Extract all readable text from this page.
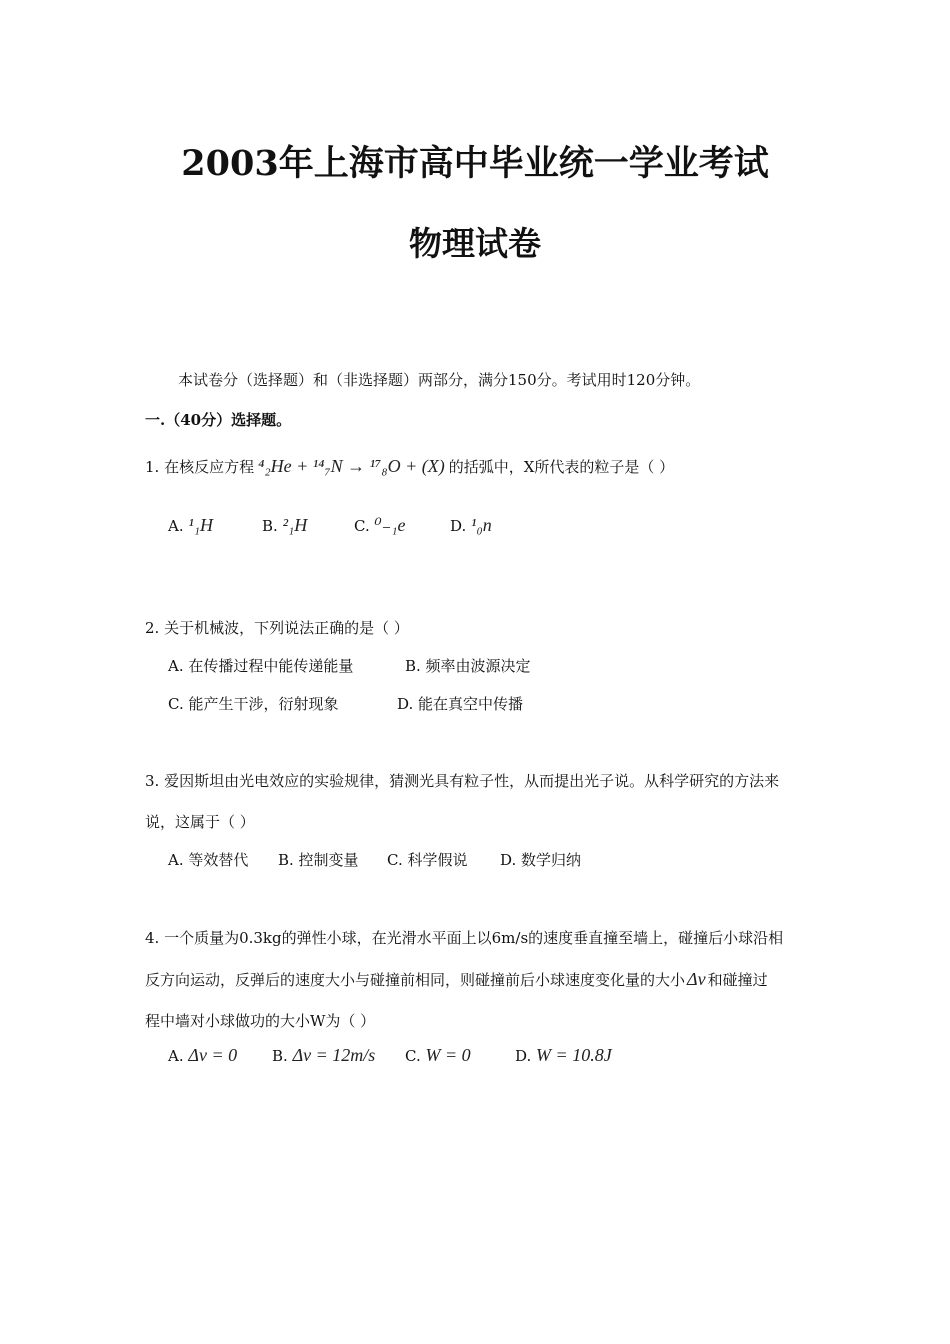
2003年上海市高中毕业统一学业考试
物理试卷
本试卷分（选择题）和（非选择题）两部分，满分150分。考试用时120分钟。
一.（40分）选择题。
1. 在核反应方程 ⁴₂He + ¹⁴₇N → ¹⁷₈O + (X) 的括弧中，X所代表的粒子是（ ）
A. ¹₁H	B. ²₁H	C. ⁰₋₁e	D. ¹₀n
2. 关于机械波，下列说法正确的是（ ）
A. 在传播过程中能传递能量	B. 频率由波源决定
C. 能产生干涉，衍射现象	D. 能在真空中传播
3. 爱因斯坦由光电效应的实验规律，猜测光具有粒子性，从而提出光子说。从科学研究的方法来
说，这属于（ ）
A. 等效替代 B. 控制变量 C. 科学假说 D. 数学归纳
4. 一个质量为0.3kg的弹性小球，在光滑水平面上以6m/s的速度垂直撞至墙上，碰撞后小球沿相
反方向运动，反弹后的速度大小与碰撞前相同，则碰撞前后小球速度变化量的大小 Δv 和碰撞过
程中墙对小球做功的大小W为（ ）
A. Δv = 0 B. Δv = 12m/s C. W = 0	D. W = 10.8J
